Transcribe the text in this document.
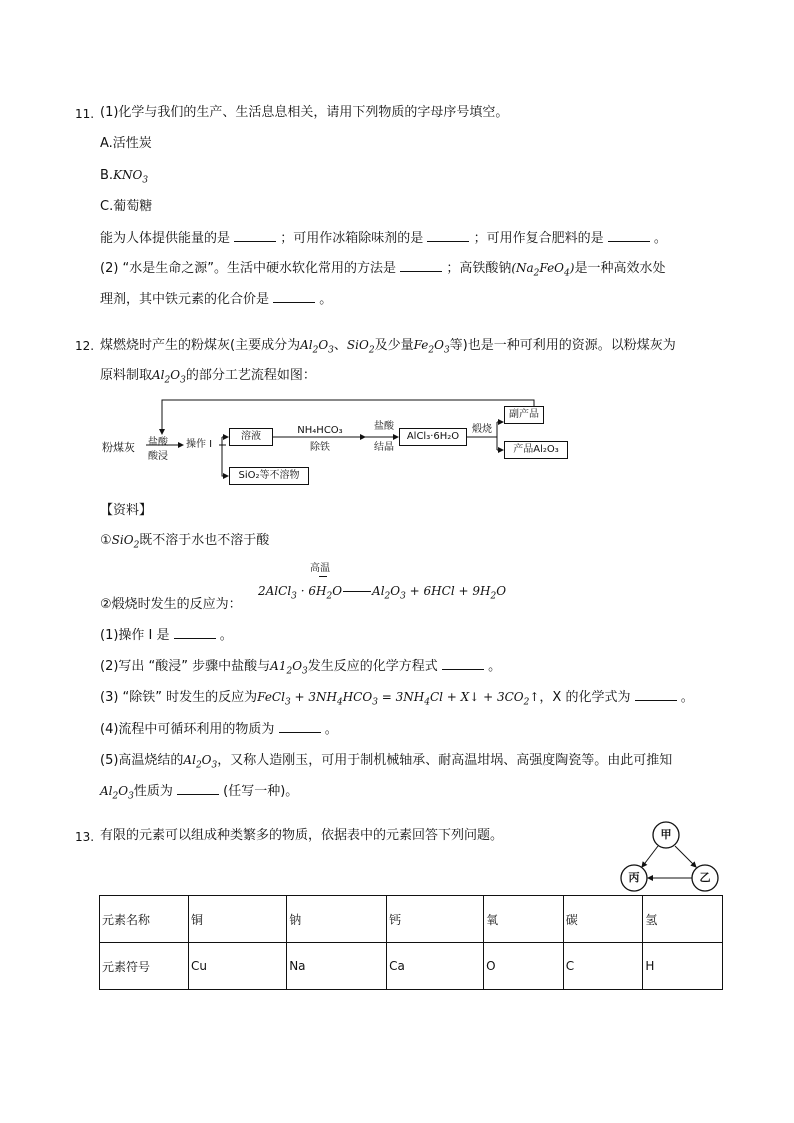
11. (1)化学与我们的生产、生活息息相关，请用下列物质的字母序号填空。
A.活性炭
$B.KNO_3$
C.葡萄糖
能为人体提供能量的是	；可用作冰箱除味剂的是	；可用作复合肥料的是	。
(2) “水是生命之源”。生活中硬水软化常用的方法是	；高铁酸钠$(Na_2FeO_4)$是一种高效水处
理剂，其中铁元素的化合价是	。
12. 煤燃烧时产生的粉煤灰(主要成分为$Al_2O_3$、SiO$_2$及少量$Fe_2O_3$等)也是一种可利用的资源。以粉煤灰为
原料制取$Al_2O_3$的部分工艺流程如图：
粉煤灰 盐酸
酸浸
操作 I
溶液
SiO₂等不溶物
NH₄HCO₃
除铁
盐酸
结晶
AlCl₃·6H₂O
煅烧
副产品
产品Al₂O₃
【资料】
①SiO$_2$既不溶于水也不溶于酸
高温
2AlCl$_3$ · $6H_2O$	$Al_2O_3 + 6HCl + 9H_2O$
②煅烧时发生的反应为：
(1)操作 I 是	。
(2)写出 “酸浸” 步骤中盐酸与$A1_2O_3$发生反应的化学方程式	。
(3) “除铁” 时发生的反应为FeCl$_3$ + $3NH_4HCO_3 = 3NH_4Cl$ + X↓ + $3CO_2↑$，X 的化学式为	。
(4)流程中可循环利用的物质为	。
(5)高温烧结的$Al_2O_3$，又称人造刚玉，可用于制机械轴承、耐高温坩埚、高强度陶瓷等。由此可推知
$Al_2O_3$性质为	(任写一种)。
13. 有限的元素可以组成种类繁多的物质，依据表中的元素回答下列问题。	甲
乙
丙
元素名称	铜	钠	钙	氧	碳	氢
元素符号	Cu	Na	Ca	O	C	H
